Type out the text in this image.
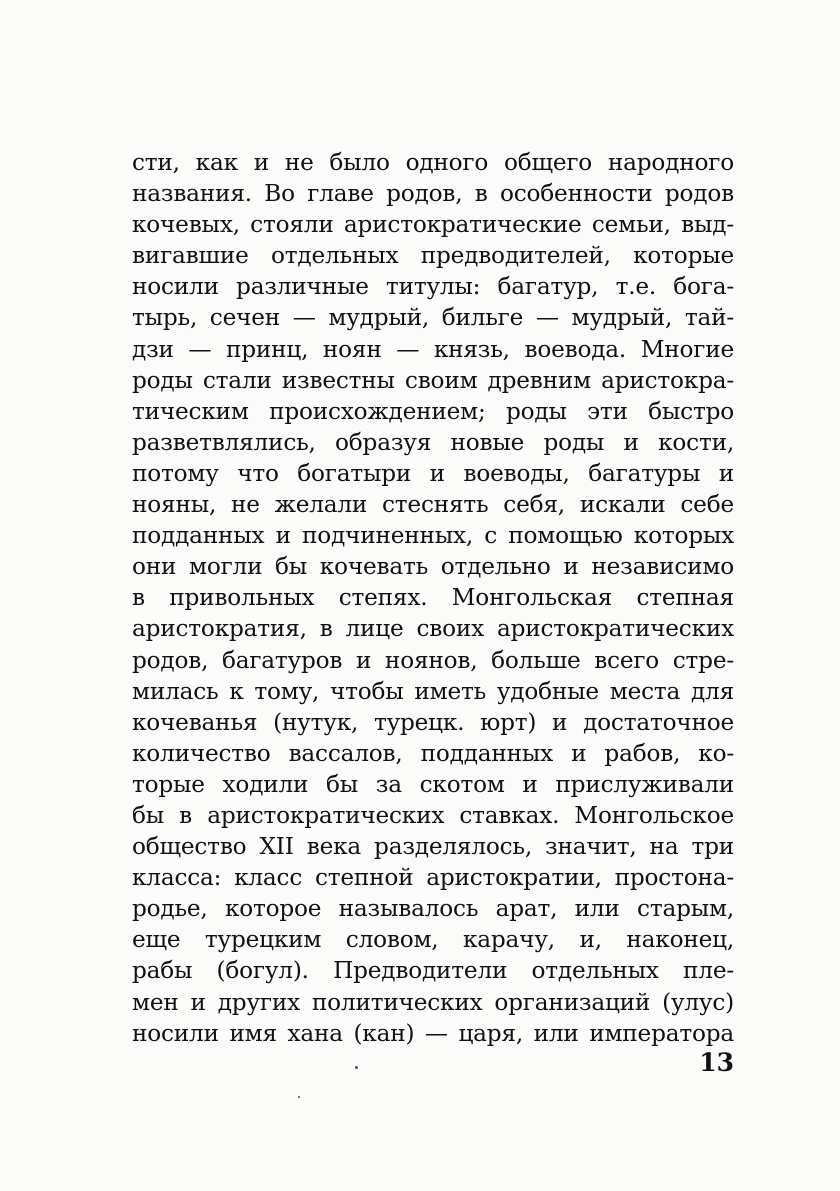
сти, как и не было одного общего народного
названия. Во главе родов, в особенности родов
кочевых, стояли аристократические семьи, выд-
вигавшие отдельных предводителей, которые
носили различные титулы: багатур, т.е. бога-
тырь, сечен — мудрый, бильге — мудрый, тай-
дзи — принц, ноян — князь, воевода. Многие
роды стали известны своим древним аристокра-
тическим происхождением; роды эти быстро
разветвлялись, образуя новые роды и кости,
потому что богатыри и воеводы, багатуры и
нояны, не желали стеснять себя, искали себе
подданных и подчиненных, с помощью которых
они могли бы кочевать отдельно и независимо
в привольных степях. Монгольская степная
аристократия, в лице своих аристократических
родов, багатуров и ноянов, больше всего стре-
милась к тому, чтобы иметь удобные места для
кочеванья (нутук, турецк. юрт) и достаточное
количество вассалов, подданных и рабов, ко-
торые ходили бы за скотом и прислуживали
бы в аристократических ставках. Монгольское
общество XII века разделялось, значит, на три
класса: класс степной аристократии, простона-
родье, которое называлось арат, или старым,
еще турецким словом, карачу, и, наконец,
рабы (богул). Предводители отдельных пле-
мен и других политических организаций (улус)
носили имя хана (кан) — царя, или императора
13
